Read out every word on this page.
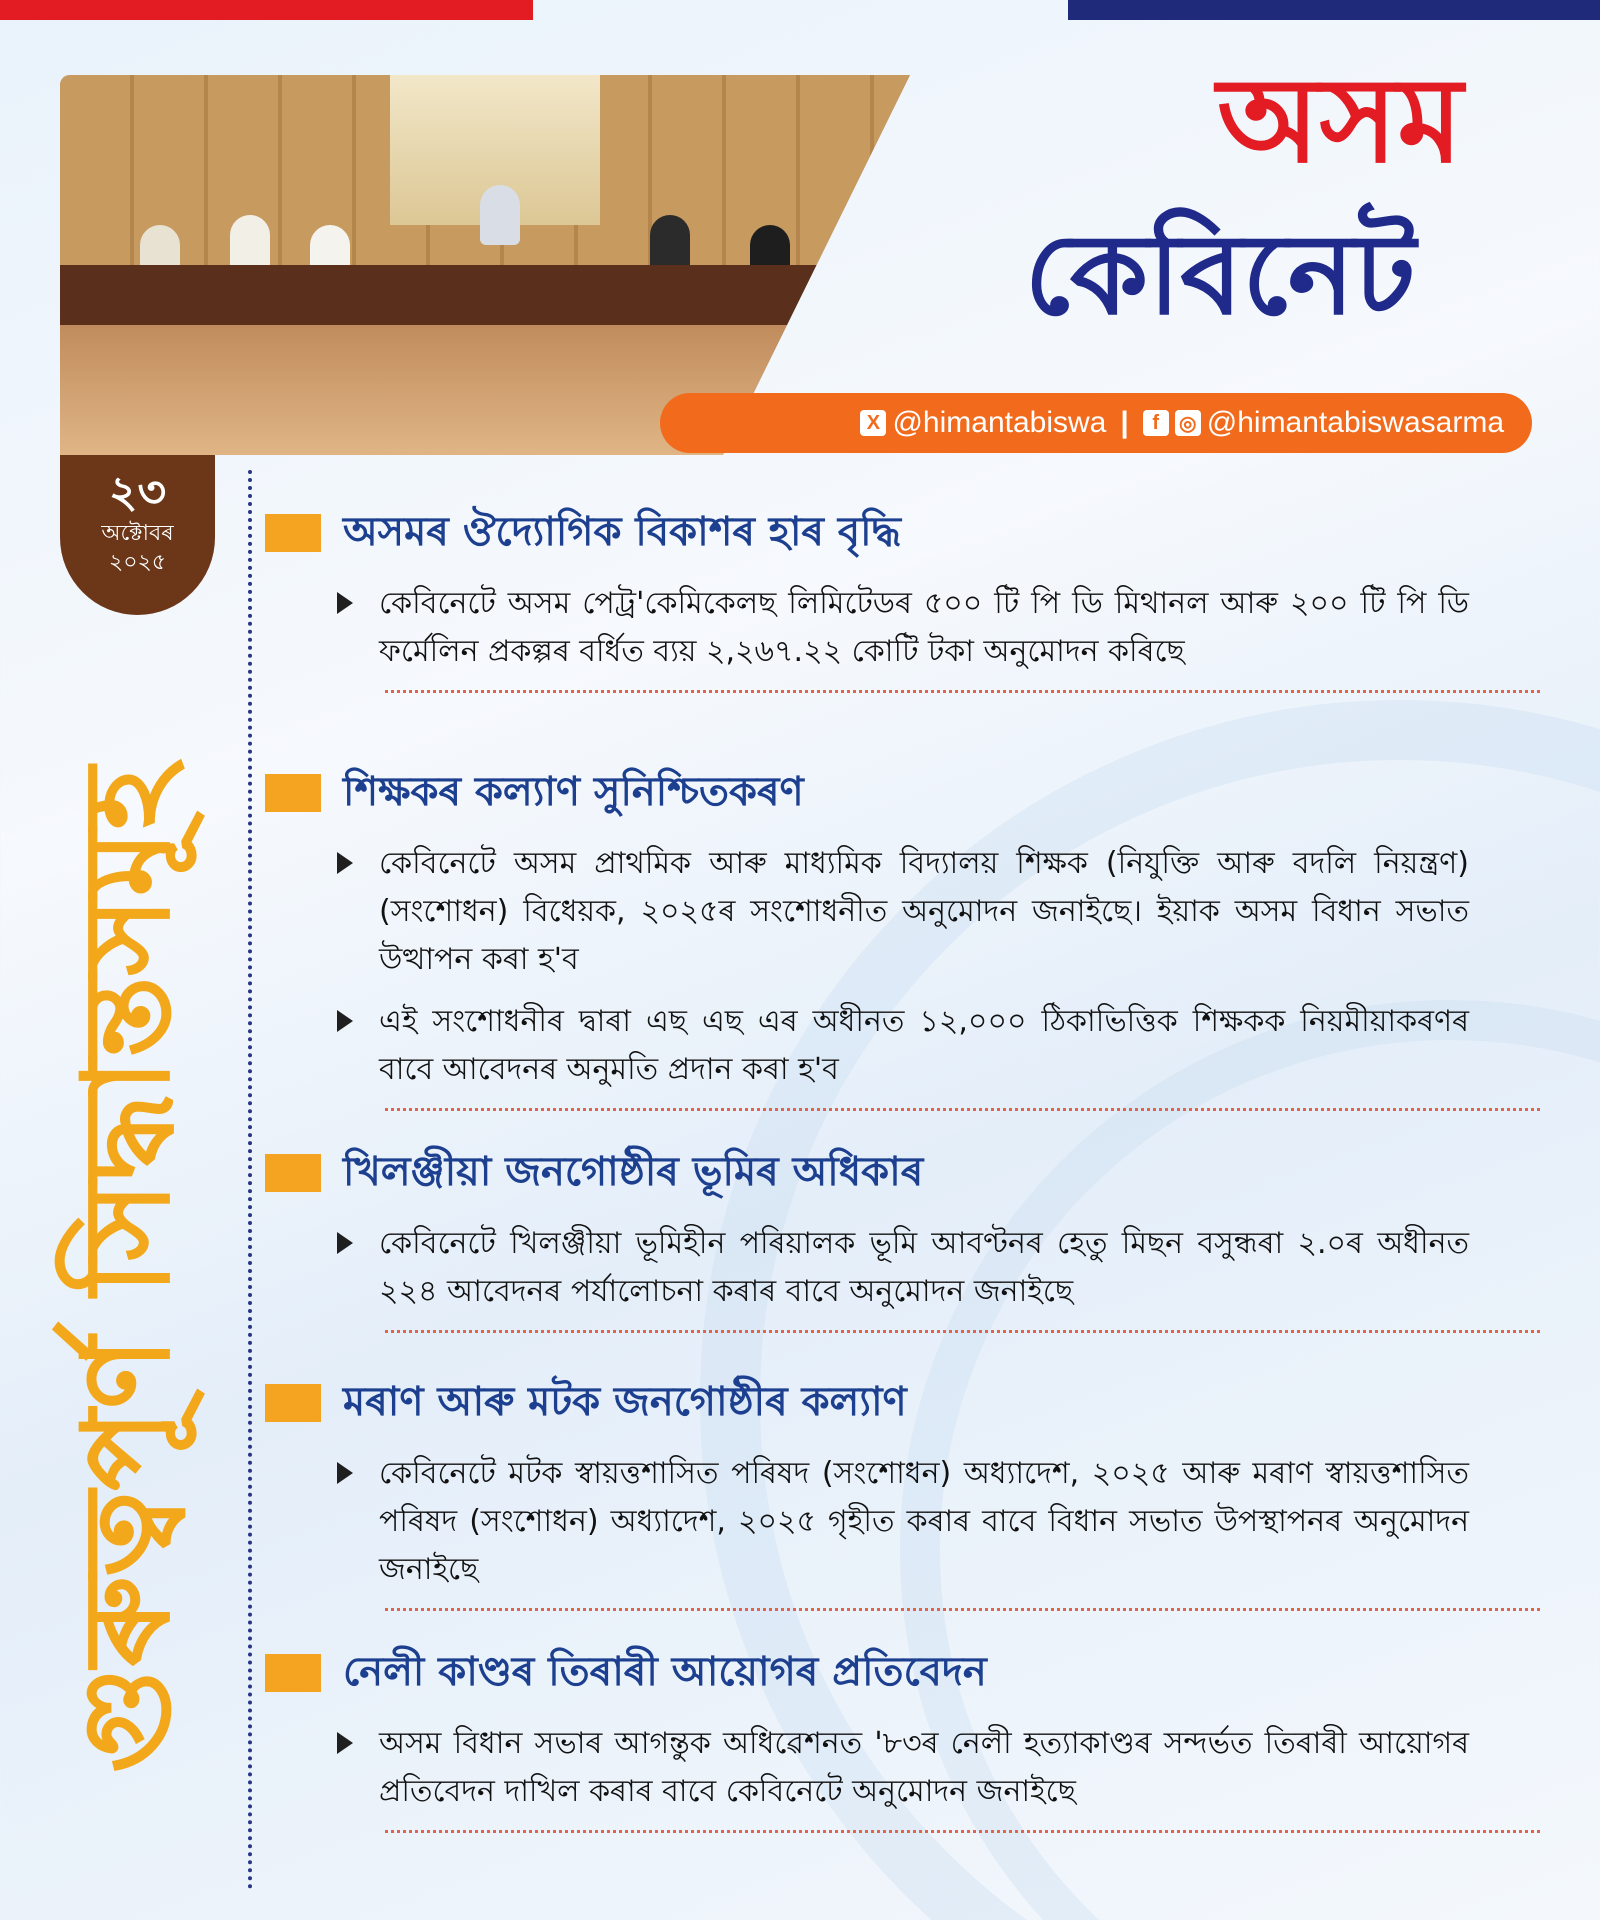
অসম
কেবিনেট
X @himantabiswa |	f ◎ @himantabiswasarma
২৩
অক্টোবৰ
২০২৫
গুৰুত্বপূৰ্ণ সিদ্ধান্তসমূহ
অসমৰ ঔদ্যোগিক বিকাশৰ হাৰ বৃদ্ধি
কেবিনেটে অসম পেট্ৰ'কেমিকেলছ লিমিটেডৰ ৫০০ টি পি ডি মিথানল আৰু ২০০ টি পি ডি ফৰ্মেলিন প্ৰকল্পৰ বৰ্ধিত ব্যয় ২,২৬৭.২২ কোটি টকা অনুমোদন কৰিছে
শিক্ষকৰ কল্যাণ সুনিশ্চিতকৰণ
কেবিনেটে অসম প্ৰাথমিক আৰু মাধ্যমিক বিদ্যালয় শিক্ষক (নিযুক্তি আৰু বদলি নিয়ন্ত্ৰণ) (সংশোধন) বিধেয়ক, ২০২৫ৰ সংশোধনীত অনুমোদন জনাইছে। ইয়াক অসম বিধান সভাত উত্থাপন কৰা হ'ব
এই সংশোধনীৰ দ্বাৰা এছ এছ এৰ অধীনত ১২,০০০ ঠিকাভিত্তিক শিক্ষকক নিয়মীয়াকৰণৰ বাবে আবেদনৰ অনুমতি প্ৰদান কৰা হ'ব
খিলঞ্জীয়া জনগোষ্ঠীৰ ভূমিৰ অধিকাৰ
কেবিনেটে খিলঞ্জীয়া ভূমিহীন পৰিয়ালক ভূমি আবণ্টনৰ হেতু মিছন বসুন্ধৰা ২.০ৰ অধীনত ২২৪ আবেদনৰ পৰ্যালোচনা কৰাৰ বাবে অনুমোদন জনাইছে
মৰাণ আৰু মটক জনগোষ্ঠীৰ কল্যাণ
কেবিনেটে মটক স্বায়ত্তশাসিত পৰিষদ (সংশোধন) অধ্যাদেশ, ২০২৫ আৰু মৰাণ স্বায়ত্তশাসিত পৰিষদ (সংশোধন) অধ্যাদেশ, ২০২৫ গৃহীত কৰাৰ বাবে বিধান সভাত উপস্থাপনৰ অনুমোদন জনাইছে
নেলী কাণ্ডৰ তিৰাৰী আয়োগৰ প্ৰতিবেদন
অসম বিধান সভাৰ আগন্তুক অধিৱেশনত '৮৩ৰ নেলী হত্যাকাণ্ডৰ সন্দৰ্ভত তিৰাৰী আয়োগৰ প্ৰতিবেদন দাখিল কৰাৰ বাবে কেবিনেটে অনুমোদন জনাইছে
